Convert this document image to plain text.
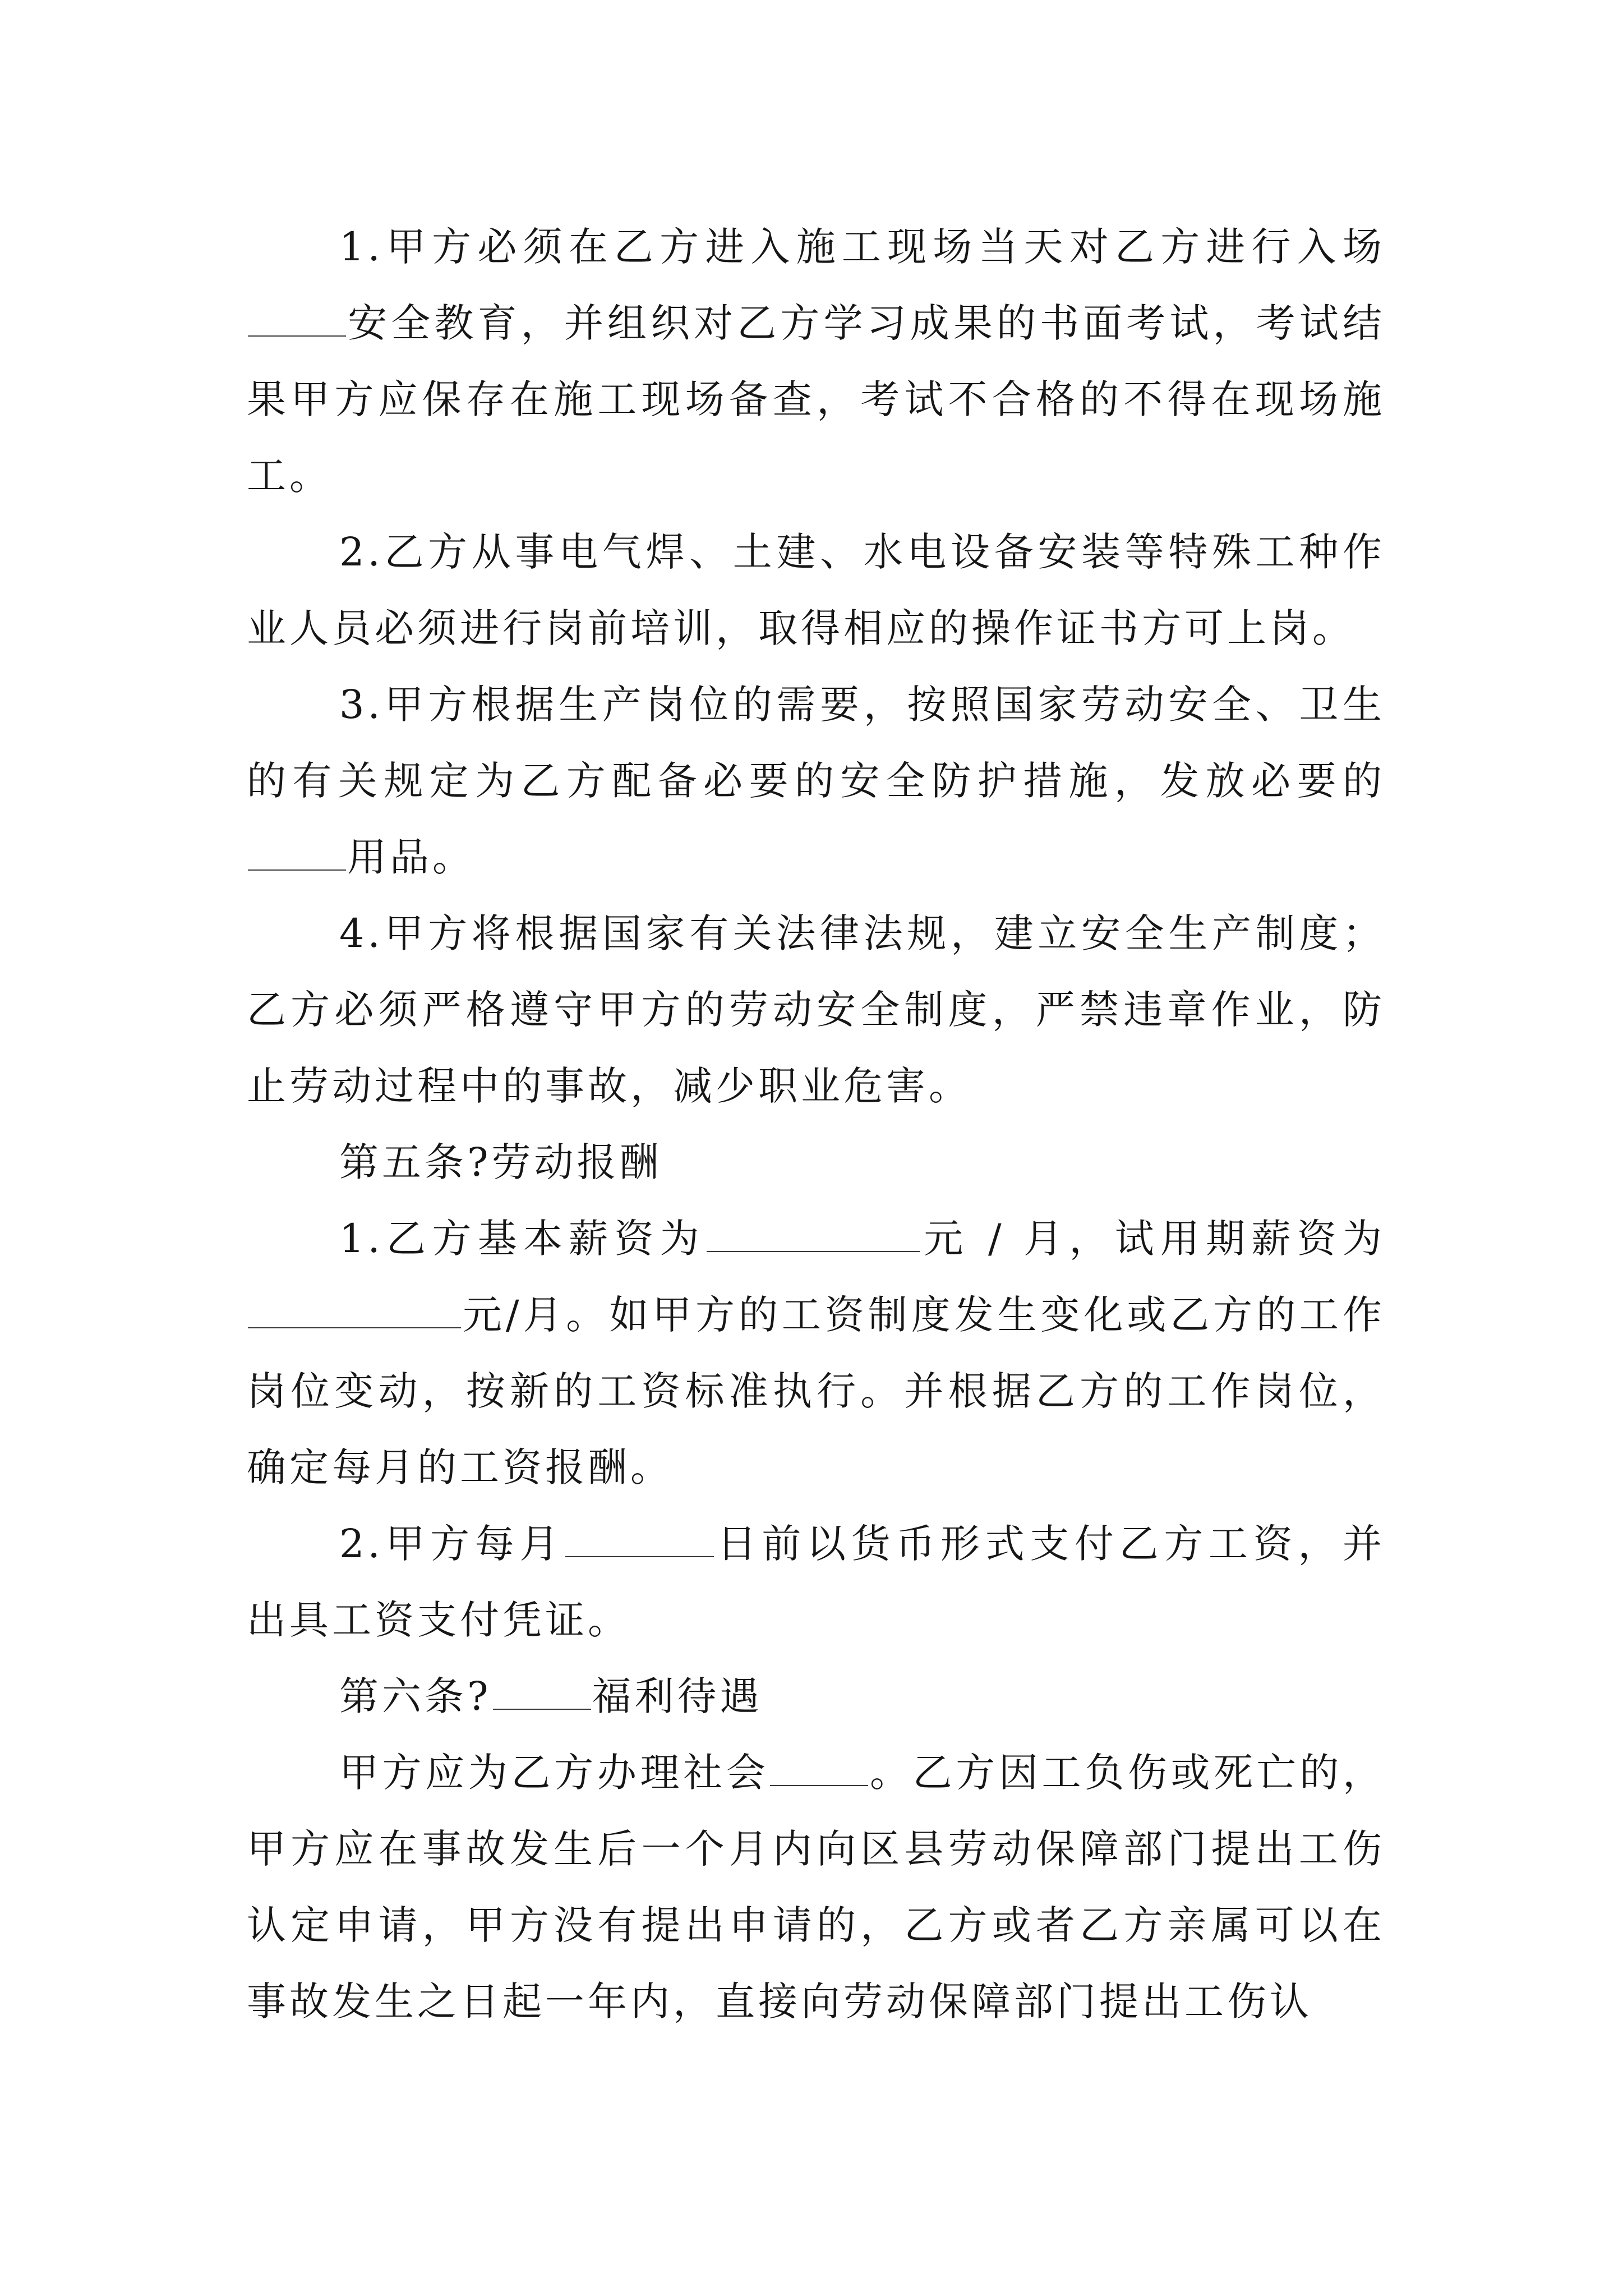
1.甲方必须在乙方进入施工现场当天对乙方进行入场安全教育，并组织对乙方学习成果的书面考试，考试结果甲方应保存在施工现场备查，考试不合格的不得在现场施工。

2.乙方从事电气焊、土建、水电设备安装等特殊工种作业人员必须进行岗前培训，取得相应的操作证书方可上岗。

3.甲方根据生产岗位的需要，按照国家劳动安全、卫生的有关规定为乙方配备必要的安全防护措施，发放必要的用品。

4.甲方将根据国家有关法律法规，建立安全生产制度；乙方必须严格遵守甲方的劳动安全制度，严禁违章作业，防止劳动过程中的事故，减少职业危害。

第五条?劳动报酬

1.乙方基本薪资为	元 / 月，试用期薪资为元/月。如甲方的工资制度发生变化或乙方的工作岗位变动，按新的工资标准执行。并根据乙方的工作岗位，确定每月的工资报酬。

2.甲方每月	日前以货币形式支付乙方工资，并出具工资支付凭证。

第六条?	福利待遇

甲方应为乙方办理社会	。乙方因工负伤或死亡的，甲方应在事故发生后一个月内向区县劳动保障部门提出工伤认定申请，甲方没有提出申请的，乙方或者乙方亲属可以在事故发生之日起一年内，直接向劳动保障部门提出工伤认
